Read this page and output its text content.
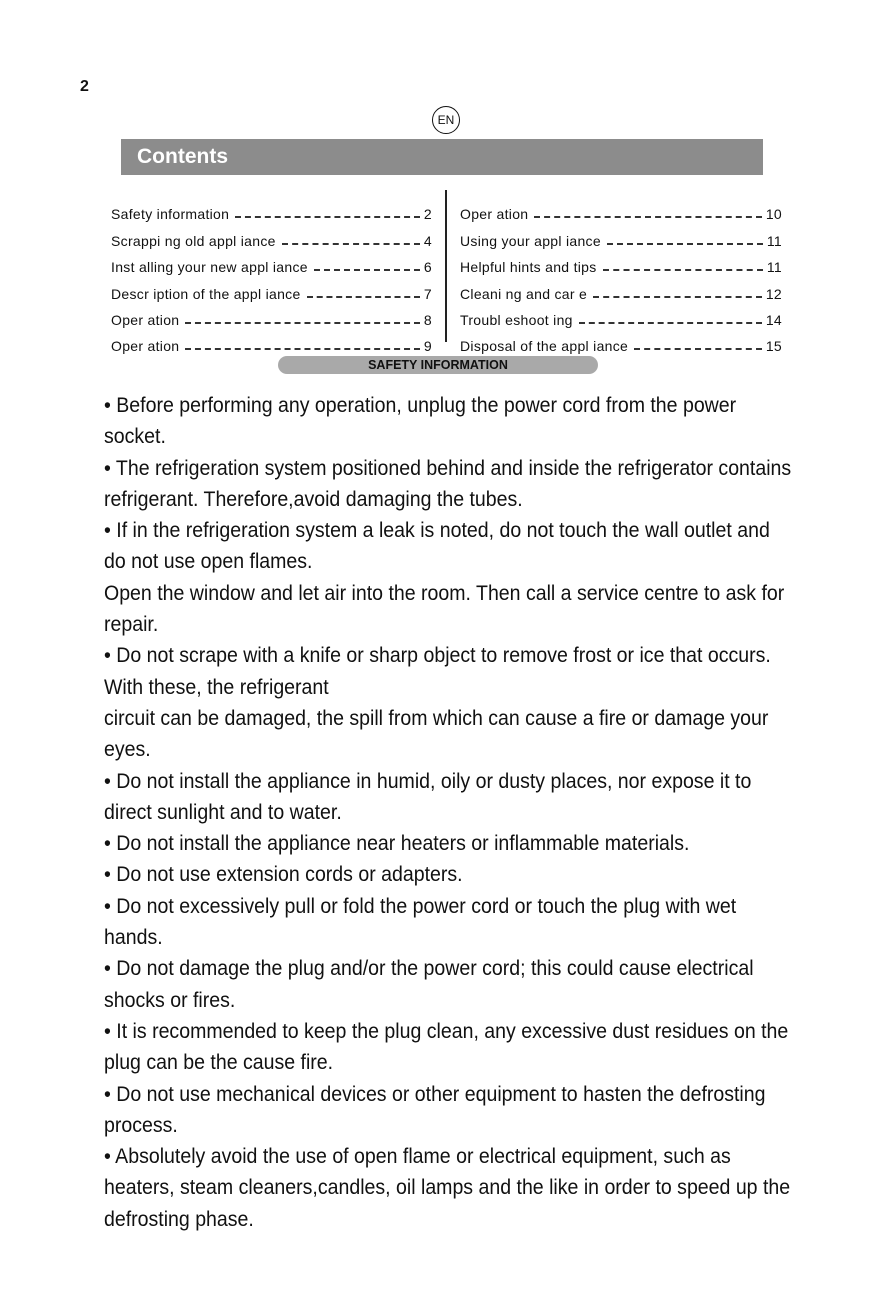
2
EN
Contents
Safety information	2
Scrappi ng old appl iance	4
Inst alling your new appl iance	6
Descr iption of the appl iance	7
Oper ation	8
Oper ation	9
Oper ation	10
Using your appl iance	11
Helpful hints and tips	11
Cleani ng and car e	12
Troubl eshoot ing	14
Disposal of the appl iance	15
SAFETY INFORMATION

• Before performing any operation, unplug the power cord from the power socket.

• The refrigeration system positioned behind and inside the refrigerator contains refrigerant. Therefore,avoid damaging the tubes.

• If in the refrigeration system a leak is noted, do not touch the wall outlet and do not use open flames.

Open the window and let air into the room. Then call a service centre to ask for repair.

• Do not scrape with a knife or sharp object to remove frost or ice that occurs. With these, the refrigerant

circuit can be damaged, the spill from which can cause a fire or damage your eyes.

• Do not install the appliance in humid, oily or dusty places, nor expose it to direct sunlight and to water.

• Do not install the appliance near heaters or inflammable materials.

• Do not use extension cords or adapters.

• Do not excessively pull or fold the power cord or touch the plug with wet hands.

• Do not damage the plug and/or the power cord; this could cause electrical shocks or fires.

• It is recommended to keep the plug clean, any excessive dust residues on the plug can be the cause fire.

• Do not use mechanical devices or other equipment to hasten the defrosting process.

• Absolutely avoid the use of open flame or electrical equipment, such as heaters, steam cleaners,candles, oil lamps and the like in order to speed up the defrosting phase.
